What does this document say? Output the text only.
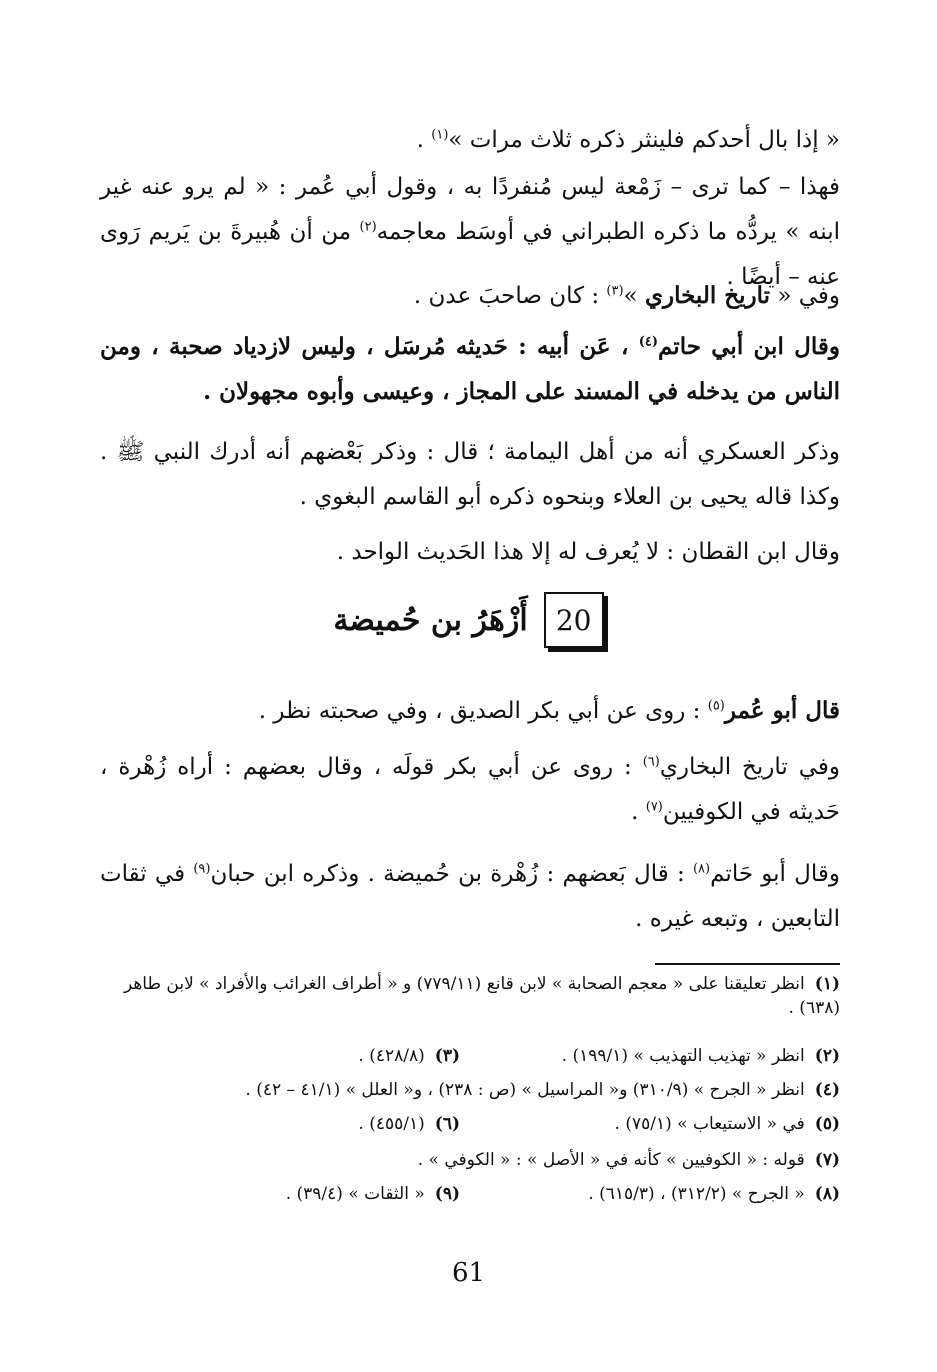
« إذا بال أحدكم فلينثر ذكره ثلاث مرات »$^{(١)}$ .

فهذا – كما ترى – زَمْعة ليس مُنفردًا به ، وقول أبي عُمر : « لم يرو عنه غير ابنه » يردُّه ما ذكره الطبراني في أوسَط معاجمه$^{(٢)}$ من أن هُبيرةَ بن يَريم رَوى عنه – أيضًا .

وفي « تاريخ البخاري »$^{(٣)}$ : كان صاحبَ عدن .

وقال ابن أبي حاتم$^{(٤)}$ ، عَن أبيه : حَديثه مُرسَل ، وليس لازدياد صحبة ، ومن الناس من يدخله في المسند على المجاز ، وعيسى وأبوه مجهولان .

وذكر العسكري أنه من أهل اليمامة ؛ قال : وذكر بَعْضهم أنه أدرك النبي ﷺ . وكذا قاله يحيى بن العلاء وبنحوه ذكره أبو القاسم البغوي .

وقال ابن القطان : لا يُعرف له إلا هذا الحَديث الواحد .

20
أَزْهَرُ بن حُميضة

قال أبو عُمر$^{(٥)}$ : روى عن أبي بكر الصديق ، وفي صحبته نظر .

وفي تاريخ البخاري$^{(٦)}$ : روى عن أبي بكر قولَه ، وقال بعضهم : أراه زُهْرة ، حَديثه في الكوفيين$^{(٧)}$ .

وقال أبو حَاتم$^{(٨)}$ : قال بَعضهم : زُهْرة بن حُميضة . وذكره ابن حبان$^{(٩)}$ في ثقات التابعين ، وتبعه غيره .

(١)انظر تعليقنا على « معجم الصحابة » لابن قانع (٧٧٩/١١) و « أطراف الغرائب والأفراد » لابن طاهر (٦٣٨) .
(٢)انظر « تهذيب التهذيب » (١٩٩/١) .
(٣)(٤٢٨/٨) .
(٤)انظر « الجرح » (٣١٠/٩) و« المراسيل » (ص : ٢٣٨) ، و« العلل » (٤١/١ – ٤٢) .
(٥)في « الاستيعاب » (٧٥/١) .
(٦)(٤٥٥/١) .
(٧)قوله : « الكوفيين » كأنه في « الأصل » : « الكوفي » .
(٨)« الجرح » (٣١٢/٢) ، (٦١٥/٣) .
(٩)« الثقات » (٣٩/٤) .
61
